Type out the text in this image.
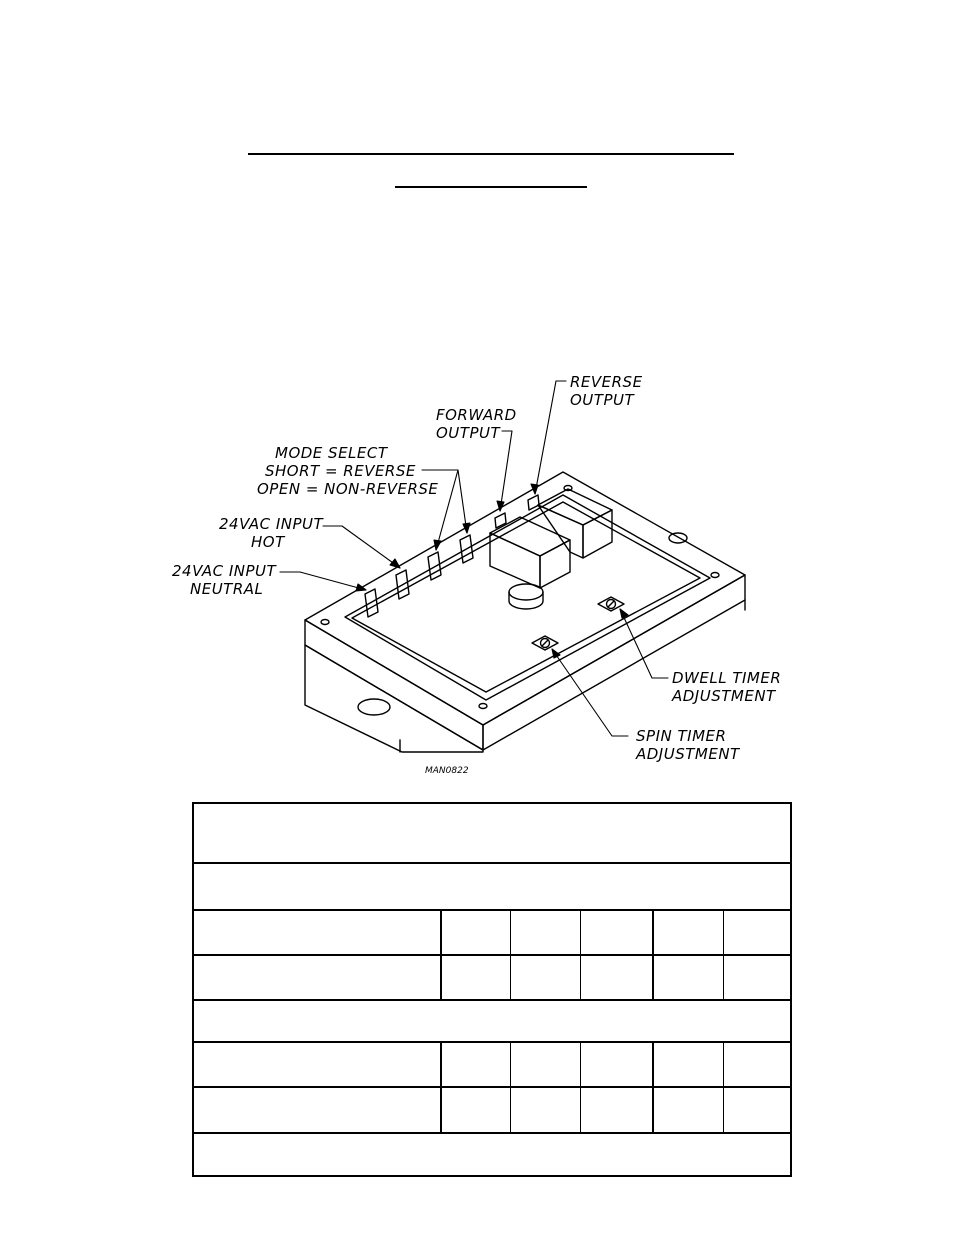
REVERSE
OUTPUT
FORWARD
OUTPUT
MODE SELECT
SHORT = REVERSE
OPEN = NON-REVERSE
24VAC INPUT
HOT
24VAC INPUT
NEUTRAL
DWELL TIMER
ADJUSTMENT
SPIN TIMER
ADJUSTMENT
MAN0822
